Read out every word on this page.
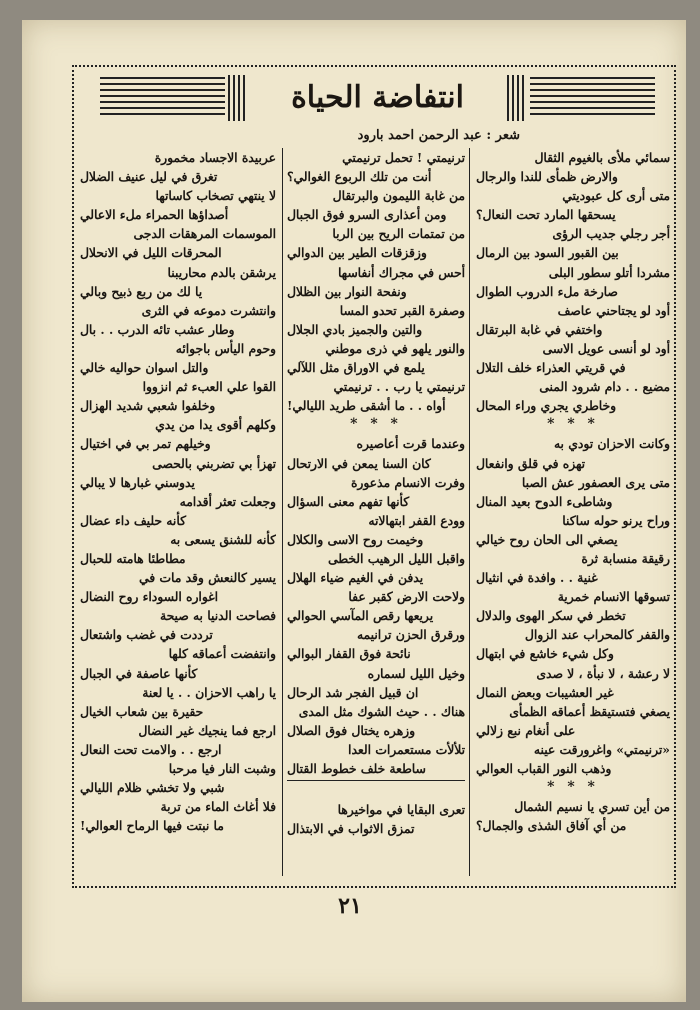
انتفاضة الحياة
شعر : عبد الرحمن احمد بارود
سمائي ملأى بالغيوم الثقال
والارض ظمأى للندا والرجال
متى أرى كل عبوديتي
يسحقها المارد تحت النعال؟
أجر رجلي جديب الرؤى
بين القبور السود بين الرمال
مشردا أتلو سطور البلى
صارخة ملء الدروب الطوال
أود لو يجتاحني عاصف
واختفي في غابة البرتقال
أود لو أنسى عويل الاسى
في قريتي العذراء خلف التلال
مضيع . . دام شرود المنى
وخاطري يجري وراء المحال
* * *
وكانت الاحزان تودي به
تهزه في قلق وانفعال
متى يرى العصفور عش الصبا
وشاطىء الدوح بعيد المنال
وراح يرنو حوله ساكنا
يصغي الى الحان روح خيالي
رقيقة منسابة ثرة
غنية . . وافدة في انثيال
تسوقها الانسام خمرية
تخطر في سكر الهوى والدلال
والقفر كالمحراب عند الزوال
وكل شيء خاشع في ابتهال
لا رعشة ، لا نبأة ، لا صدى
غير العشيبات وبعض النمال
يصغي فتستيقظ أعماقه الظمأى
على أنغام نبع زلالي
«ترنيمتي» واغرورقت عينه
وذهب النور القباب العوالي
* * *
من أين تسري يا نسيم الشمال
من أي آفاق الشذى والجمال؟
ترنيمتي ! تحمل ترنيمتي
أنت من تلك الربوع الغوالي؟
من غابة الليمون والبرتقال
ومن أعذارى السرو فوق الجبال
من تمتمات الريح بين الربا
وزقزقات الطير بين الدوالي
أحس في مجراك أنفاسها
ونفحة النوار بين الظلال
وصفرة القبر تحدو المسا
والتين والجميز بادي الجلال
والنور يلهو في ذرى موطني
يلمع في الاوراق مثل اللآلي
ترنيمتي يا رب . . ترنيمتي
أواه . . ما أشقى طريد الليالي!
* * *
وعندما قرت أعاصيره
كان السنا يمعن في الارتحال
وفرت الانسام مذعورة
كأنها تفهم معنى السؤال
وودع القفر ابتهالاته
وخيمت روح الاسى والكلال
واقبل الليل الرهيب الخطى
يدفن في الغيم ضياء الهلال
ولاحت الارض كقبر عفا
يريعها رقص المآسي الحوالي
ورقرق الحزن ترانيمه
نائحة فوق القفار البوالي
وخيل الليل لسماره
ان قبيل الفجر شد الرحال
هناك . . حيث الشوك مثل المدى
وزهره يختال فوق الصلال
تلألأت مستعمرات العدا
ساطعة خلف خطوط القتال
تعرى البقايا في مواخيرها
تمزق الاثواب في الابتذال
عربيدة الاجساد مخمورة
تغرق في ليل عنيف الضلال
لا ينتهي تصخاب كاساتها
أصداؤها الحمراء ملء الاعالي
الموسمات المرهقات الدجى
المحرقات الليل في الانحلال
يرشقن بالدم محاريبنا
يا لك من ربع ذبيح وبالي
وانتشرت دموعه في الثرى
وطار عشب تائه الدرب . . بال
وحوم اليأس باجوائه
والتل اسوان حواليه خالي
القوا علي العبء ثم انزووا
وخلفوا شعبي شديد الهزال
وكلهم أقوى يدا من يدي
وخيلهم تمر بي في اختيال
تهزأ بي تضربني بالحصى
يدوسني غبارها لا يبالي
وجعلت تعثر أقدامه
كأنه حليف داء عضال
كأنه للشنق يسعى به
مطاطئا هامته للحبال
يسير كالنعش وقد مات في
اغواره السوداء روح النضال
فصاحت الدنيا به صيحة
ترددت في غضب واشتعال
وانتفضت أعماقه كلها
كأنها عاصفة في الجبال
يا راهب الاحزان . . يا لعنة
حقيرة بين شعاب الخيال
ارجع فما ينجيك غير النضال
ارجع . . والامت تحت النعال
وشبت النار فيا مرحبا
شبي ولا تخشي ظلام الليالي
فلا أغاث الماء من تربة
ما نبتت فيها الرماح العوالي!
٢١
